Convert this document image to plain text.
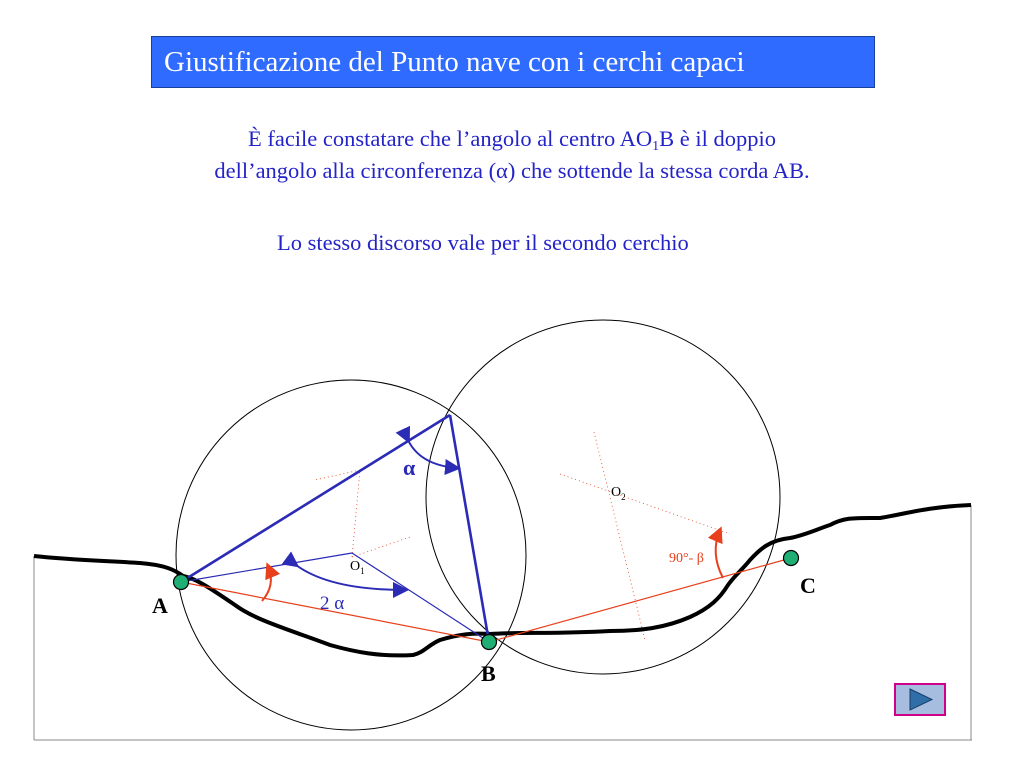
Giustificazione del Punto nave con i cerchi capaci
È facile constatare che l’angolo al centro $AO_1B$ è il doppio
dell’angolo alla circonferenza (α) che sottende la stessa corda AB.
Lo stesso discorso vale per il secondo cerchio
A
B
C
$O_1$
$O_2$
α
2 α
90°- β
